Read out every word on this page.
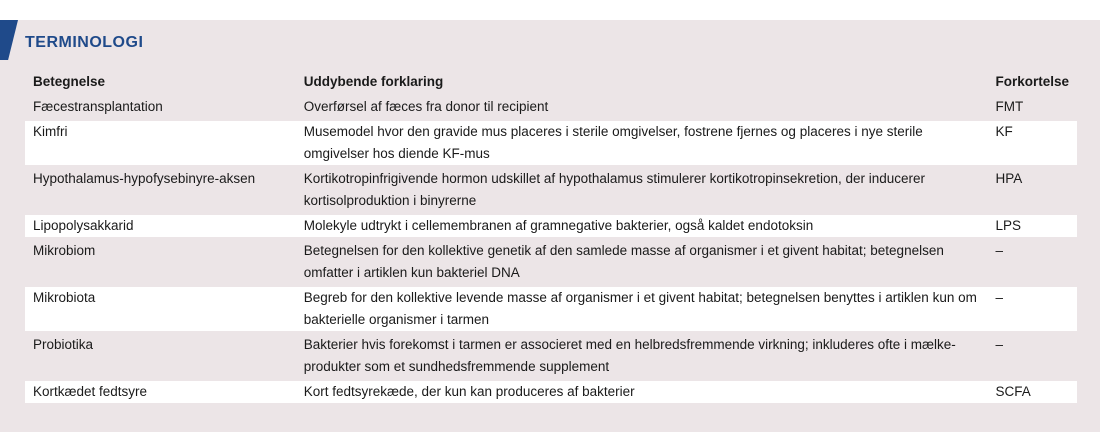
TERMINOLOGI
Betegnelse	Uddybende forklaring	Forkortelse
Fæcestransplantation	Overførsel af fæces fra donor til recipient	FMT
Kimfri	Musemodel hvor den gravide mus placeres i sterile omgivelser, fostrene fjernes og placeres i nye sterile omgivelser hos diende KF-mus	KF
Hypothalamus-hypofysebinyre-aksen	Kortikotropinfrigivende hormon udskillet af hypothalamus stimulerer kortikotropinsekretion, der inducerer kortisolproduktion i binyrerne	HPA
Lipopolysakkarid	Molekyle udtrykt i cellemembranen af gramnegative bakterier, også kaldet endotoksin	LPS
Mikrobiom	Betegnelsen for den kollektive genetik af den samlede masse af organismer i et givent habitat; betegnelsen omfatter i artiklen kun bakteriel DNA	–
Mikrobiota	Begreb for den kollektive levende masse af organismer i et givent habitat; betegnelsen benyttes i artiklen kun om bakterielle organismer i tarmen	–
Probiotika	Bakterier hvis forekomst i tarmen er associeret med en helbredsfremmende virkning; inkluderes ofte i mælke-produkter som et sundhedsfremmende supplement	–
Kortkædet fedtsyre	Kort fedtsyrekæde, der kun kan produceres af bakterier	SCFA
